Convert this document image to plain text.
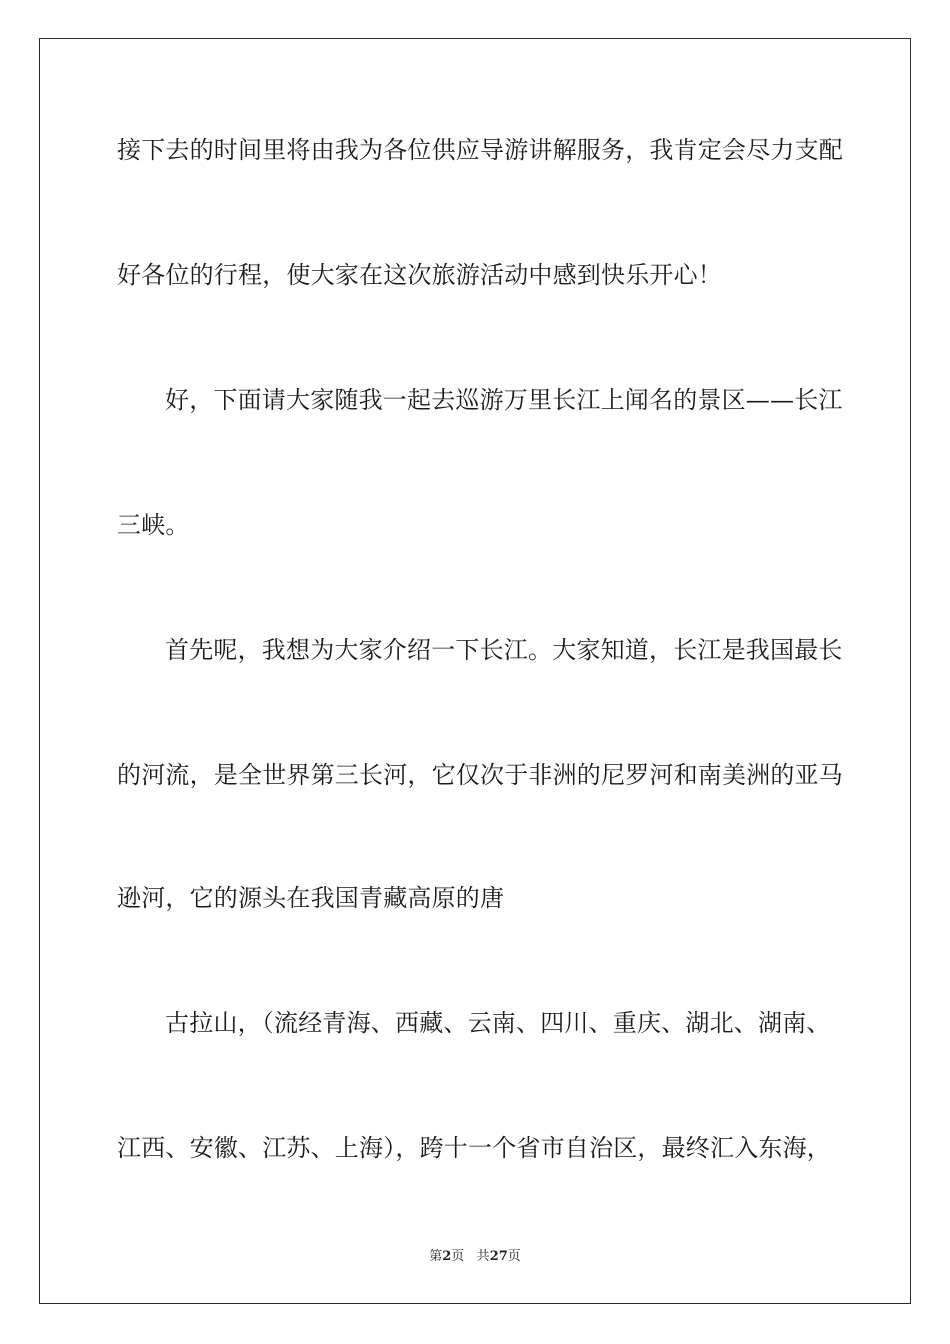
接下去的时间里将由我为各位供应导游讲解服务，我肯定会尽力支配
好各位的行程，使大家在这次旅游活动中感到快乐开心！
好，下面请大家随我一起去巡游万里长江上闻名的景区——长江
三峡。
首先呢，我想为大家介绍一下长江。大家知道，长江是我国最长
的河流，是全世界第三长河，它仅次于非洲的尼罗河和南美洲的亚马
逊河，它的源头在我国青藏高原的唐
古拉山，（流经青海、西藏、云南、四川、重庆、湖北、湖南、
江西、安徽、江苏、上海），跨十一个省市自治区，最终汇入东海，
第2页 共27页
